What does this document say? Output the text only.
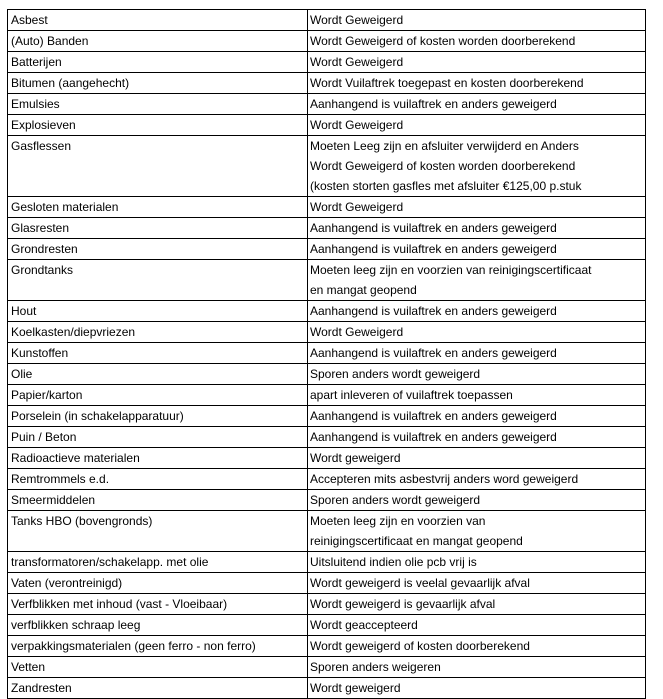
Asbest	Wordt Geweigerd

(Auto) Banden	Wordt Geweigerd of kosten worden doorberekend

Batterijen	Wordt Geweigerd

Bitumen (aangehecht)	Wordt Vuilaftrek toegepast en kosten doorberekend

Emulsies	Aanhangend is vuilaftrek en anders geweigerd

Explosieven	Wordt Geweigerd

Gasflessen	Moeten Leeg zijn en afsluiter verwijderd en Anders
Wordt Geweigerd of kosten worden doorberekend
(kosten storten gasfles met afsluiter €125,00 p.stuk

Gesloten materialen	Wordt Geweigerd

Glasresten	Aanhangend is vuilaftrek en anders geweigerd

Grondresten	Aanhangend is vuilaftrek en anders geweigerd

Grondtanks	Moeten leeg zijn en voorzien van reinigingscertificaat
en mangat geopend

Hout	Aanhangend is vuilaftrek en anders geweigerd

Koelkasten/diepvriezen	Wordt Geweigerd

Kunstoffen	Aanhangend is vuilaftrek en anders geweigerd

Olie	Sporen anders wordt geweigerd

Papier/karton	apart inleveren of vuilaftrek toepassen

Porselein (in schakelapparatuur)	Aanhangend is vuilaftrek en anders geweigerd

Puin / Beton	Aanhangend is vuilaftrek en anders geweigerd

Radioactieve materialen	Wordt geweigerd

Remtrommels e.d.	Accepteren mits asbestvrij anders word geweigerd

Smeermiddelen	Sporen anders wordt geweigerd

Tanks HBO (bovengronds)	Moeten leeg zijn en voorzien van
reinigingscertificaat en mangat geopend

transformatoren/schakelapp. met olie	Uitsluitend indien olie pcb vrij is

Vaten (verontreinigd)	Wordt geweigerd is veelal gevaarlijk afval

Verfblikken met inhoud (vast - Vloeibaar)	Wordt geweigerd is gevaarlijk afval

verfblikken schraap leeg	Wordt geaccepteerd

verpakkingsmaterialen (geen ferro - non ferro)	Wordt geweigerd of kosten doorberekend

Vetten	Sporen anders weigeren

Zandresten	Wordt geweigerd
